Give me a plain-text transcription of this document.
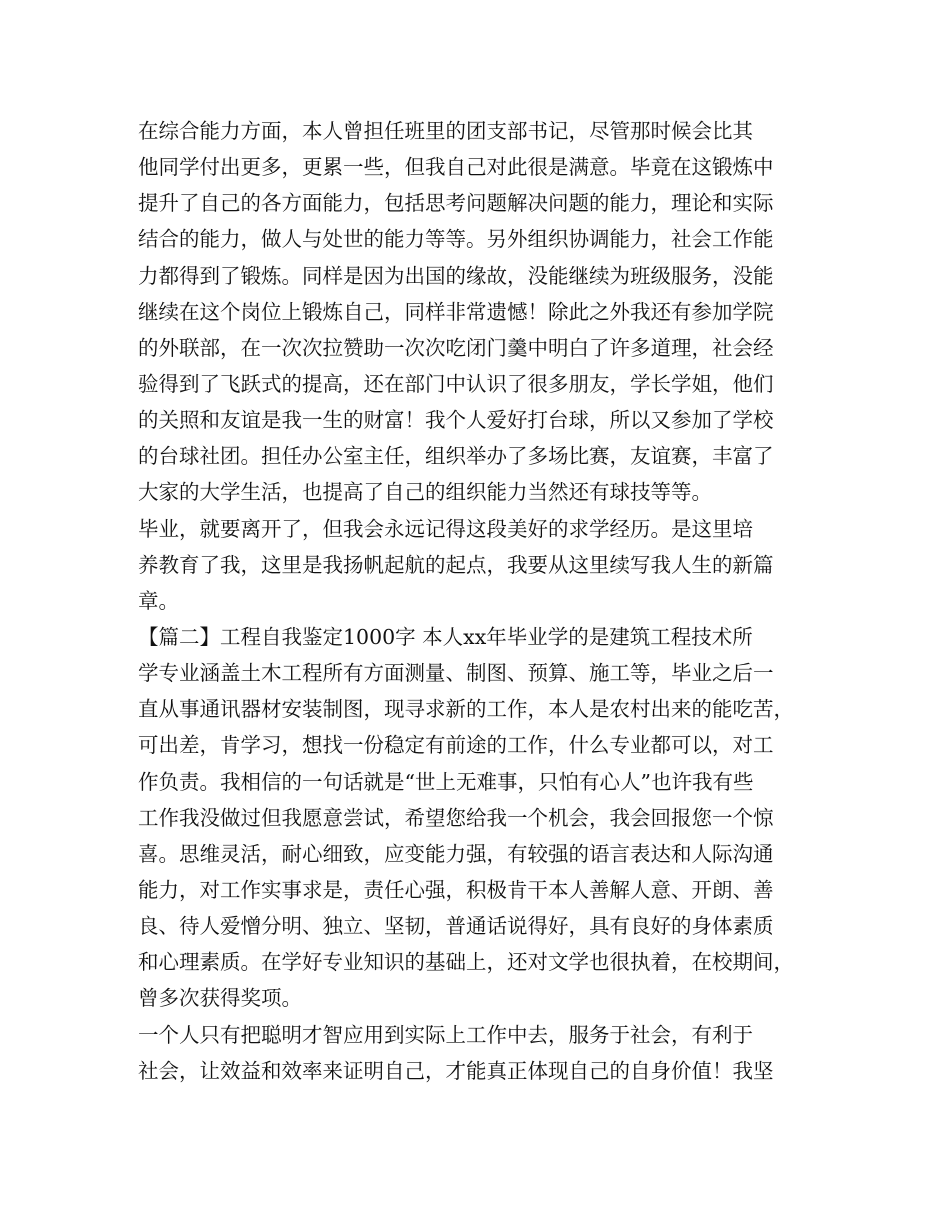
在综合能力方面，本人曾担任班里的团支部书记，尽管那时候会比其
他同学付出更多，更累一些，但我自己对此很是满意。毕竟在这锻炼中
提升了自己的各方面能力，包括思考问题解决问题的能力，理论和实际
结合的能力，做人与处世的能力等等。另外组织协调能力，社会工作能
力都得到了锻炼。同样是因为出国的缘故，没能继续为班级服务，没能
继续在这个岗位上锻炼自己，同样非常遗憾！除此之外我还有参加学院
的外联部，在一次次拉赞助一次次吃闭门羹中明白了许多道理，社会经
验得到了飞跃式的提高，还在部门中认识了很多朋友，学长学姐，他们
的关照和友谊是我一生的财富！我个人爱好打台球，所以又参加了学校
的台球社团。担任办公室主任，组织举办了多场比赛，友谊赛，丰富了
大家的大学生活，也提高了自己的组织能力当然还有球技等等。
毕业，就要离开了，但我会永远记得这段美好的求学经历。是这里培
养教育了我，这里是我扬帆起航的起点，我要从这里续写我人生的新篇
章。
【篇二】工程自我鉴定1000字 本人xx年毕业学的是建筑工程技术所
学专业涵盖土木工程所有方面测量、制图、预算、施工等，毕业之后一
直从事通讯器材安装制图，现寻求新的工作，本人是农村出来的能吃苦，
可出差，肯学习，想找一份稳定有前途的工作，什么专业都可以，对工
作负责。我相信的一句话就是“世上无难事，只怕有心人”也许我有些
工作我没做过但我愿意尝试，希望您给我一个机会，我会回报您一个惊
喜。思维灵活，耐心细致，应变能力强，有较强的语言表达和人际沟通
能力，对工作实事求是，责任心强，积极肯干本人善解人意、开朗、善
良、待人爱憎分明、独立、坚韧，普通话说得好，具有良好的身体素质
和心理素质。在学好专业知识的基础上，还对文学也很执着，在校期间，
曾多次获得奖项。
一个人只有把聪明才智应用到实际上工作中去，服务于社会，有利于
社会，让效益和效率来证明自己，才能真正体现自己的自身价值！我坚
